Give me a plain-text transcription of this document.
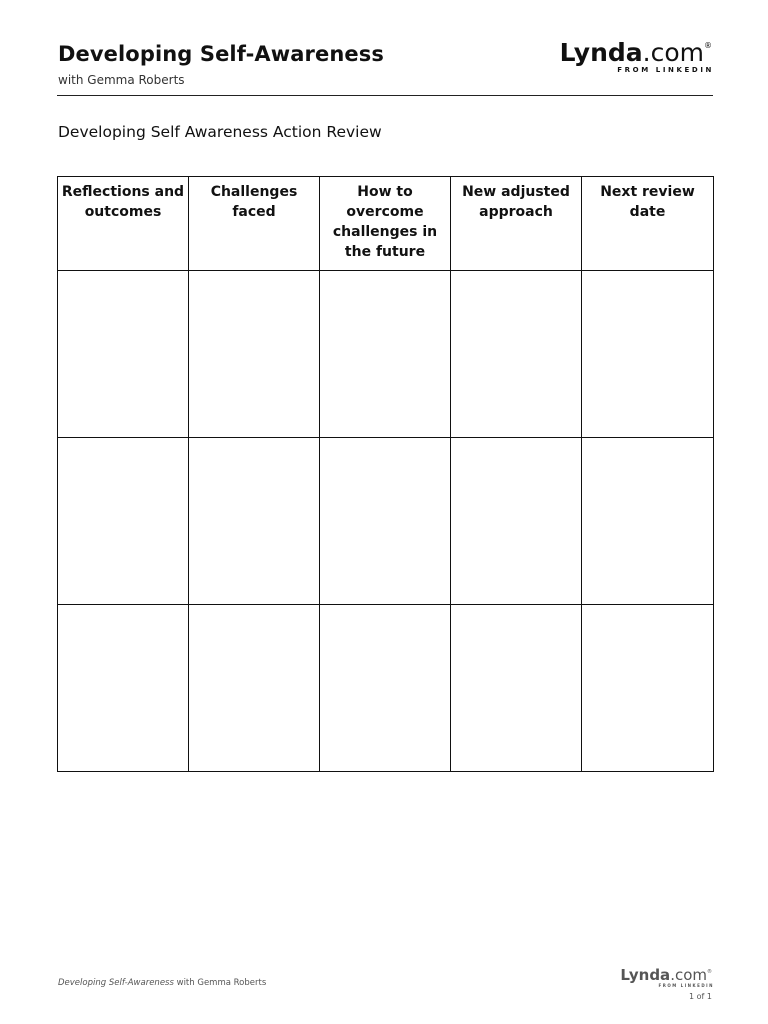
Developing Self-Awareness
with Gemma Roberts
Lynda.com®
FROM LINKEDIN
Developing Self Awareness Action Review
Reflections and outcomes	Challenges faced	How to overcome challenges in the future	New adjusted approach	Next review date

Developing Self-Awareness with Gemma Roberts	Lynda.com®
FROM LINKEDIN
1 of 1
